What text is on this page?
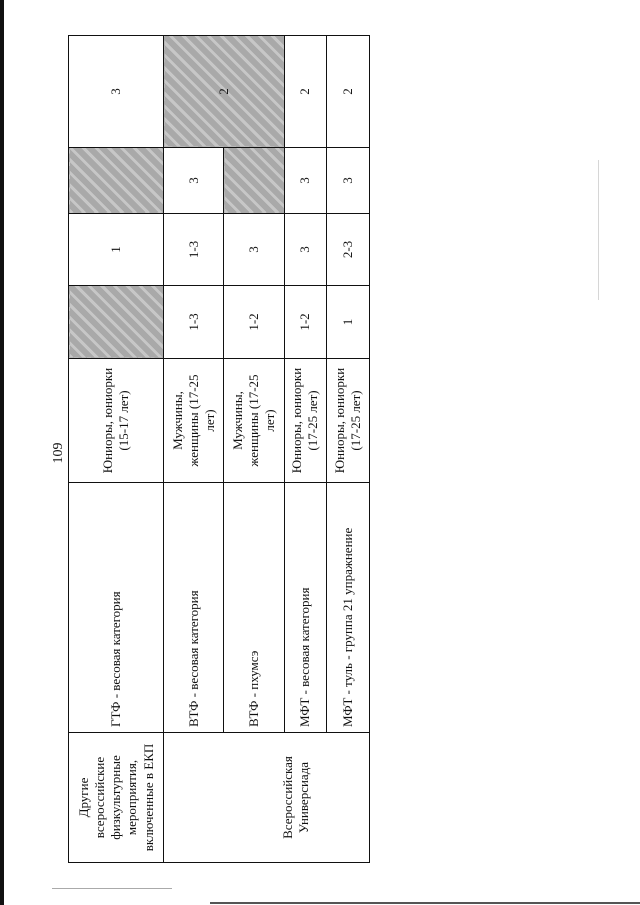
109
Другие всероссийские физкультурные мероприятия, включенные в ЕКП	ГТФ - весовая категория	Юниоры, юниорки (15-17 лет)		1		3
	ВТФ - весовая категория	Мужчины, женщины (17-25 лет)	1-3	1-3	3	2
Всероссийская Универсиада	ВТФ - пхумсэ	Мужчины, женщины (17-25 лет)	1-2	3		
	МФТ - весовая категория	Юниоры, юниорки (17-25 лет)	1-2	3	3	2
	МФТ - туль - группа 21 упражнение	Юниоры, юниорки (17-25 лет)	1	2-3	3	2
